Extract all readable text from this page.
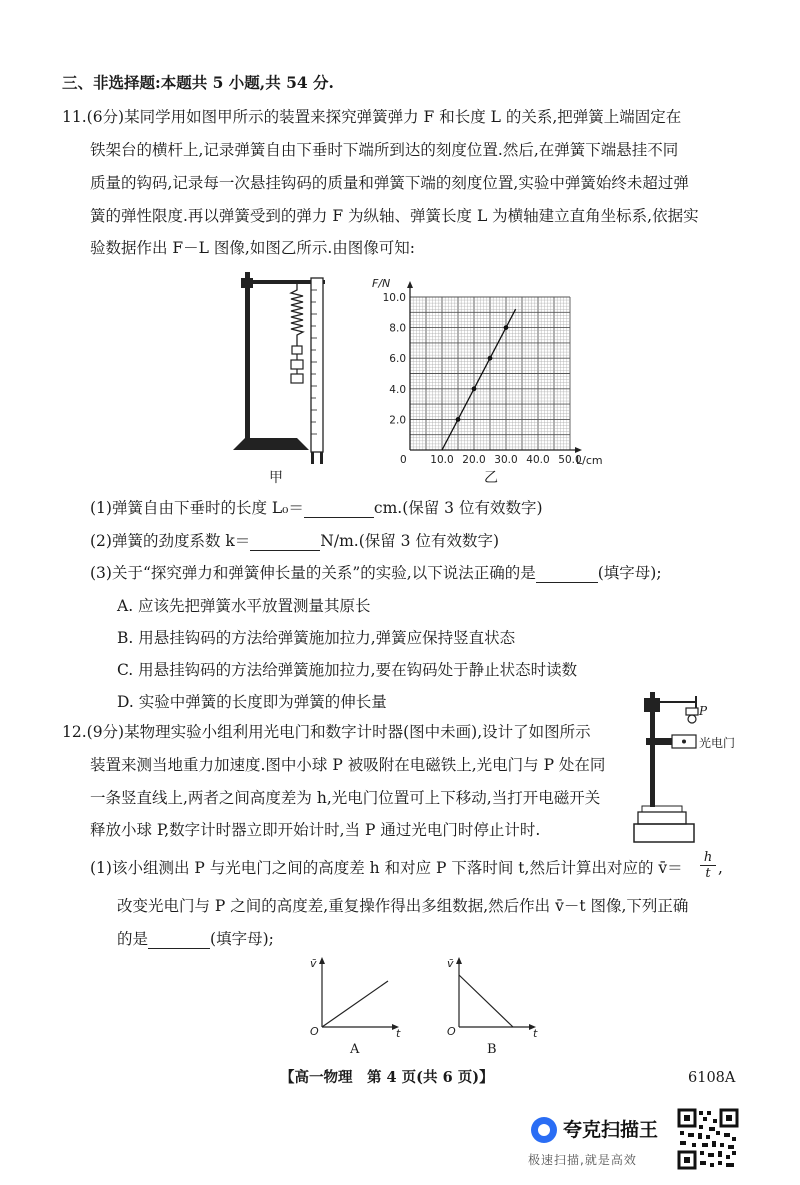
三、非选择题:本题共 5 小题,共 54 分.
11.(6分)某同学用如图甲所示的装置来探究弹簧弹力 F 和长度 L 的关系,把弹簧上端固定在
铁架台的横杆上,记录弹簧自由下垂时下端所到达的刻度位置.然后,在弹簧下端悬挂不同
质量的钩码,记录每一次悬挂钩码的质量和弹簧下端的刻度位置,实验中弹簧始终未超过弹
簧的弹性限度.再以弹簧受到的弹力 F 为纵轴、弹簧长度 L 为横轴建立直角坐标系,依据实
验数据作出 F－L 图像,如图乙所示.由图像可知:
甲
0 10.0 20.0 30.0 40.0 50.0
2.0
4.0
6.0
8.0
10.0
F/N
L/cm
乙
(1)弹簧自由下垂时的长度 L₀＝	cm.(保留 3 位有效数字)
(2)弹簧的劲度系数 k＝	N/m.(保留 3 位有效数字)
(3)关于“探究弹力和弹簧伸长量的关系”的实验,以下说法正确的是	(填字母);
A. 应该先把弹簧水平放置测量其原长
B. 用悬挂钩码的方法给弹簧施加拉力,弹簧应保持竖直状态
C. 用悬挂钩码的方法给弹簧施加拉力,要在钩码处于静止状态时读数
D. 实验中弹簧的长度即为弹簧的伸长量	P
光电门
12.(9分)某物理实验小组利用光电门和数字计时器(图中未画),设计了如图所示
装置来测当地重力加速度.图中小球 P 被吸附在电磁铁上,光电门与 P 处在同
一条竖直线上,两者之间高度差为 h,光电门位置可上下移动,当打开电磁开关
释放小球 P,数字计时器立即开始计时,当 P 通过光电门时停止计时.
(1)该小组测出 P 与光电门之间的高度差 h 和对应 P 下落时间 t,然后计算出对应的 v̄＝ $\frac{h}{t}$ ,
改变光电门与 P 之间的高度差,重复操作得出多组数据,然后作出 v̄－t 图像,下列正确
的是	(填字母);
v̄
t
O
A
v̄
t
O
B
【高一物理　第 4 页(共 6 页)】	6108A
夸克扫描王
极速扫描,就是高效
